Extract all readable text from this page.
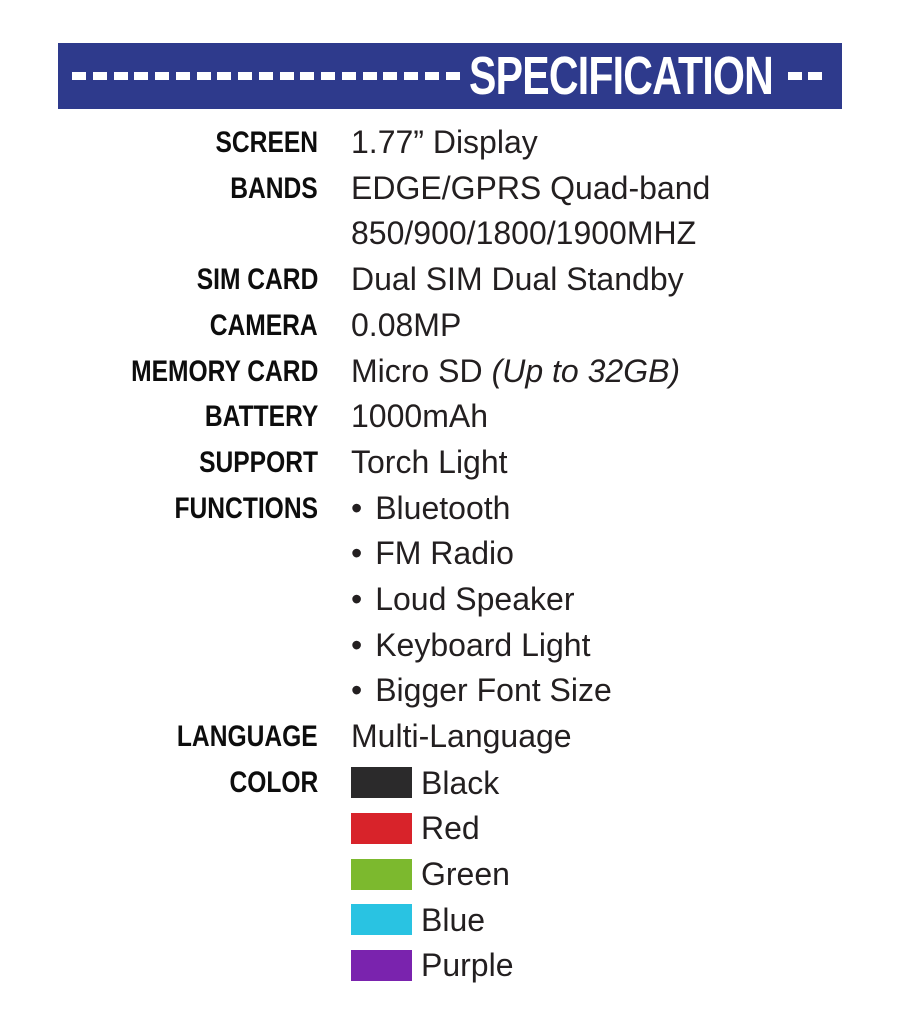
SPECIFICATION
SCREEN 1.77” Display
BANDS EDGE/GPRS Quad-band
850/900/1800/1900MHZ
SIM CARD Dual SIM Dual Standby
CAMERA 0.08MP
MEMORY CARD Micro SD (Up to 32GB)
BATTERY 1000mAh
SUPPORT Torch Light
FUNCTIONS • Bluetooth
• FM Radio
• Loud Speaker
• Keyboard Light
• Bigger Font Size
LANGUAGE Multi-Language
COLOR	Black
Red
Green
Blue
Purple
